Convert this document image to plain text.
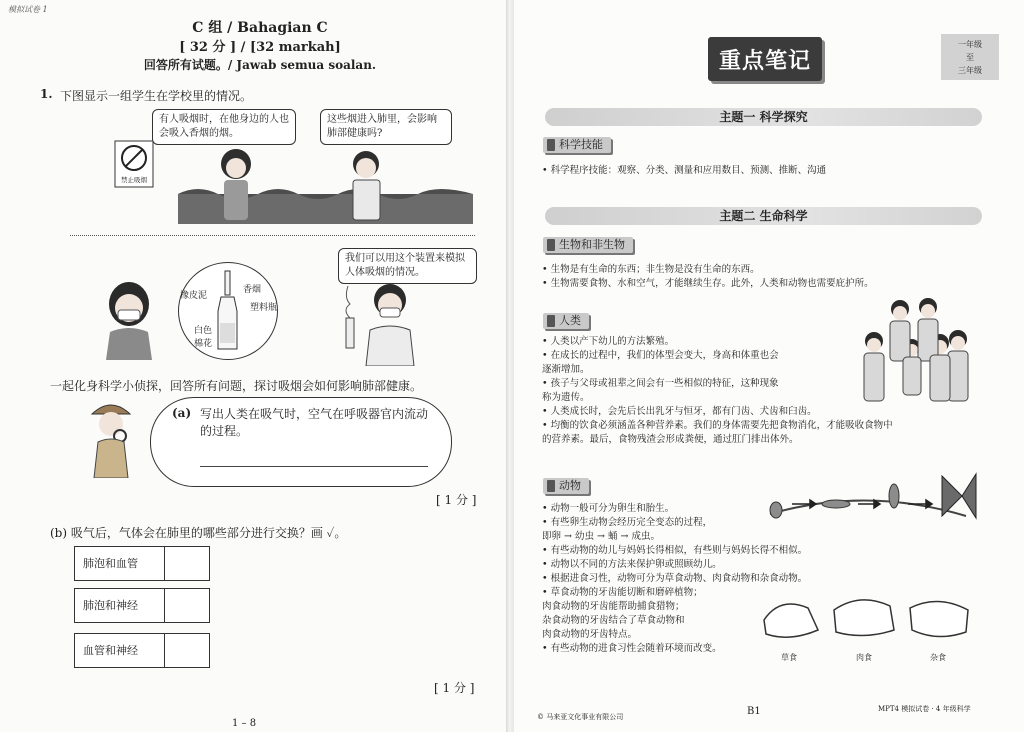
模拟试卷 1
C 组 / Bahagian C
[ 32 分 ] / [32 markah]
回答所有试题。/ Jawab semua soalan.
1. 下图显示一组学生在学校里的情况。
禁止吸烟
有人吸烟时，在他身边的人也会吸入香烟的烟。
这些烟进入肺里，会影响肺部健康吗?
橡皮泥
香烟
塑料瓶
白色
棉花
我们可以用这个装置来模拟人体吸烟的情况。
一起化身科学小侦探，回答所有问题，探讨吸烟会如何影响肺部健康。
(a) 写出人类在吸气时，空气在呼吸器官内流动的过程。
[ 1 分 ]
(b) 吸气后，气体会在肺里的哪些部分进行交换？画 ✓。
肺泡和血管
肺泡和神经
血管和神经
[ 1 分 ]
1 – 8
重点笔记
一年级
至
三年级
主题一 科学探究
科学技能
• 科学程序技能：观察、分类、测量和应用数目、预测、推断、沟通
主题二 生命科学
生物和非生物
• 生物是有生命的东西；非生物是没有生命的东西。
• 生物需要食物、水和空气，才能继续生存。此外，人类和动物也需要庇护所。
人类
• 人类以产下幼儿的方法繁殖。
• 在成长的过程中，我们的体型会变大，身高和体重也会
逐渐增加。
• 孩子与父母或祖辈之间会有一些相似的特征，这种现象
称为遗传。
• 人类成长时，会先后长出乳牙与恒牙，都有门齿、犬齿和臼齿。
• 均衡的饮食必须涵盖各种营养素。我们的身体需要先把食物消化，才能吸收食物中
的营养素。最后，食物残渣会形成粪便，通过肛门排出体外。
动物
• 动物一般可分为卵生和胎生。
• 有些卵生动物会经历完全变态的过程，
即卵 → 幼虫 → 蛹 → 成虫。
• 有些动物的幼儿与妈妈长得相似，有些则与妈妈长得不相似。
• 动物以不同的方法来保护卵或照顾幼儿。
• 根据进食习性，动物可分为草食动物、肉食动物和杂食动物。
• 草食动物的牙齿能切断和磨碎植物；
肉食动物的牙齿能帮助捕食猎物；
杂食动物的牙齿结合了草食动物和
肉食动物的牙齿特点。
• 有些动物的进食习性会随着环境而改变。
草食	肉食	杂食
© 马来亚文化事业有限公司	B1	MPT4 模拟试卷 · 4 年级科学
